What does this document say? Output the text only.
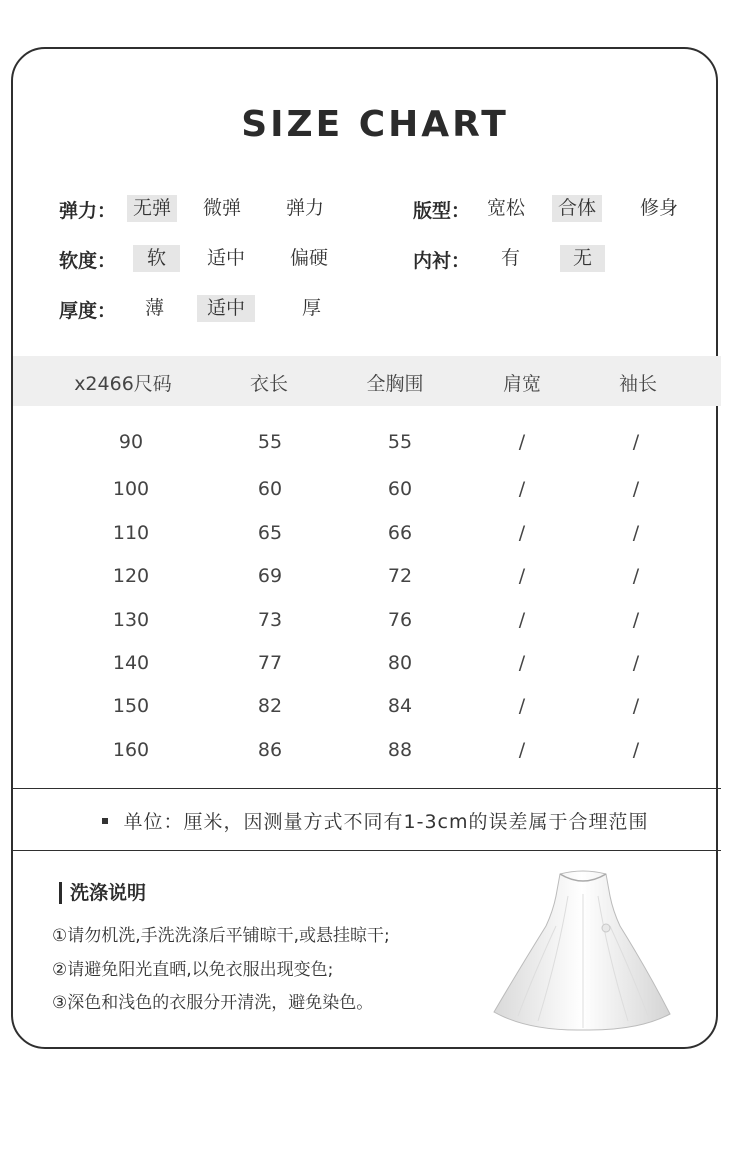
SIZE CHART
弹力： 无弹	微弹	弹力	版型： 宽松	合体	修身
软度：	软	适中	偏硬	内衬：	有	无
厚度：	薄	适中	厚
x2466尺码	衣长	全胸围	肩宽	袖长
90	55	55	/	/
100	60	60	/	/
110	65	66	/	/
120	69	72	/	/
130	73	76	/	/
140	77	80	/	/
150	82	84	/	/
160	86	88	/	/
单位：厘米，因测量方式不同有1-3cm的误差属于合理范围
洗涤说明
①请勿机洗,手洗洗涤后平铺晾干,或悬挂晾干;
②请避免阳光直晒,以免衣服出现变色;
③深色和浅色的衣服分开清洗，避免染色。
